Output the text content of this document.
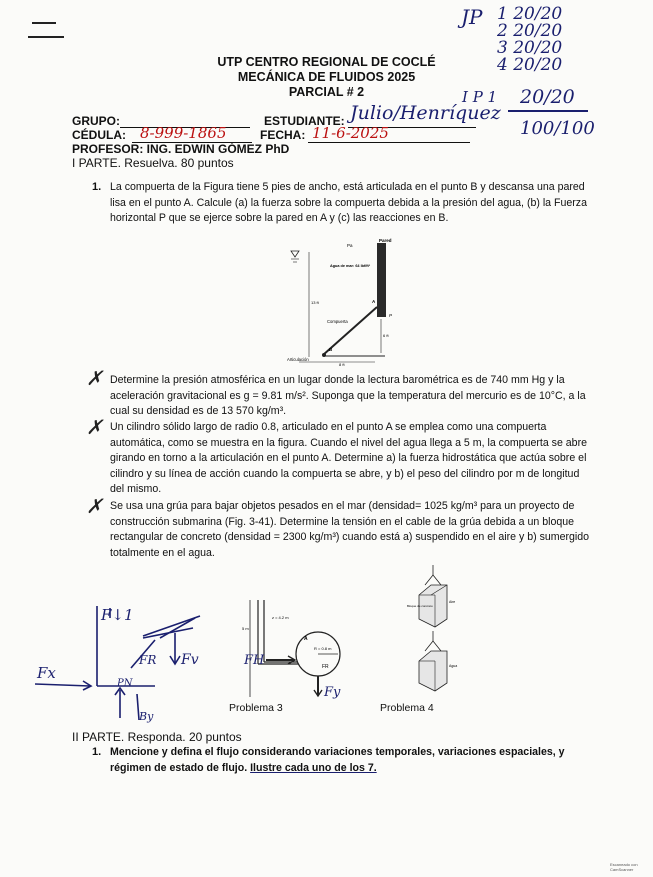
UTP CENTRO REGIONAL DE COCLÉ
MECÁNICA DE FLUIDOS 2025
PARCIAL # 2
JP 1 20/20
2 20/20
3 20/20
4 20/20
I P 1 20/20
100/100
GRUPO:	ESTUDIANTE: Julio/Henríquez
CÉDULA: 8-999-1865	FECHA: 11-6-2025
PROFESOR: ING. EDWIN GÓMEZ PhD
I PARTE. Resuelva. 80 puntos
1. La compuerta de la Figura tiene 5 pies de ancho, está articulada en el punto B y descansa una pared lisa en el punto A. Calcule (a) la fuerza sobre la compuerta debida a la presión del agua, (b) la Fuerza horizontal P que se ejerce sobre la pared en A y (c) las reacciones en B.
Pared
Pa
Agua de mar: 64 lbf/ft³
13 ft
Compuerta
A
P
6 ft
B
Articulación
8 ft
✗ Determine la presión atmosférica en un lugar donde la lectura barométrica es de 740 mm Hg y la aceleración gravitacional es g = 9.81 m/s². Suponga que la temperatura del mercurio es de 10°C, a la cual su densidad es de 13 570 kg/m³.
✗ Un cilindro sólido largo de radio 0.8, articulado en el punto A se emplea como una compuerta automática, como se muestra en la figura. Cuando el nivel del agua llega a 5 m, la compuerta se abre girando en torno a la articulación en el punto A. Determine a) la fuerza hidrostática que actúa sobre el cilindro y su línea de acción cuando la compuerta se abre, y b) el peso del cilindro por m de longitud del mismo.
✗ Se usa una grúa para bajar objetos pesados en el mar (densidad= 1025 kg/m³ para un proyecto de construcción submarina (Fig. 3-41). Determine la tensión en el cable de la grúa debida a un bloque rectangular de concreto (densidad = 2300 kg/m³) cuando está a) suspendido en el aire y b) sumergido totalmente en el agua.
F↓1
Fx
FR Fv
PN
By
z = 4.2 m
5 m
R = 0.8 m
A
FR
FH
Fy
Problema 3
Aire
Agua
Bloque de concreto
Problema 4
II PARTE. Responda. 20 puntos
1. Mencione y defina el flujo considerando variaciones temporales, variaciones espaciales, y régimen de estado de flujo. Ilustre cada uno de los 7.
Escaneado con CamScanner
